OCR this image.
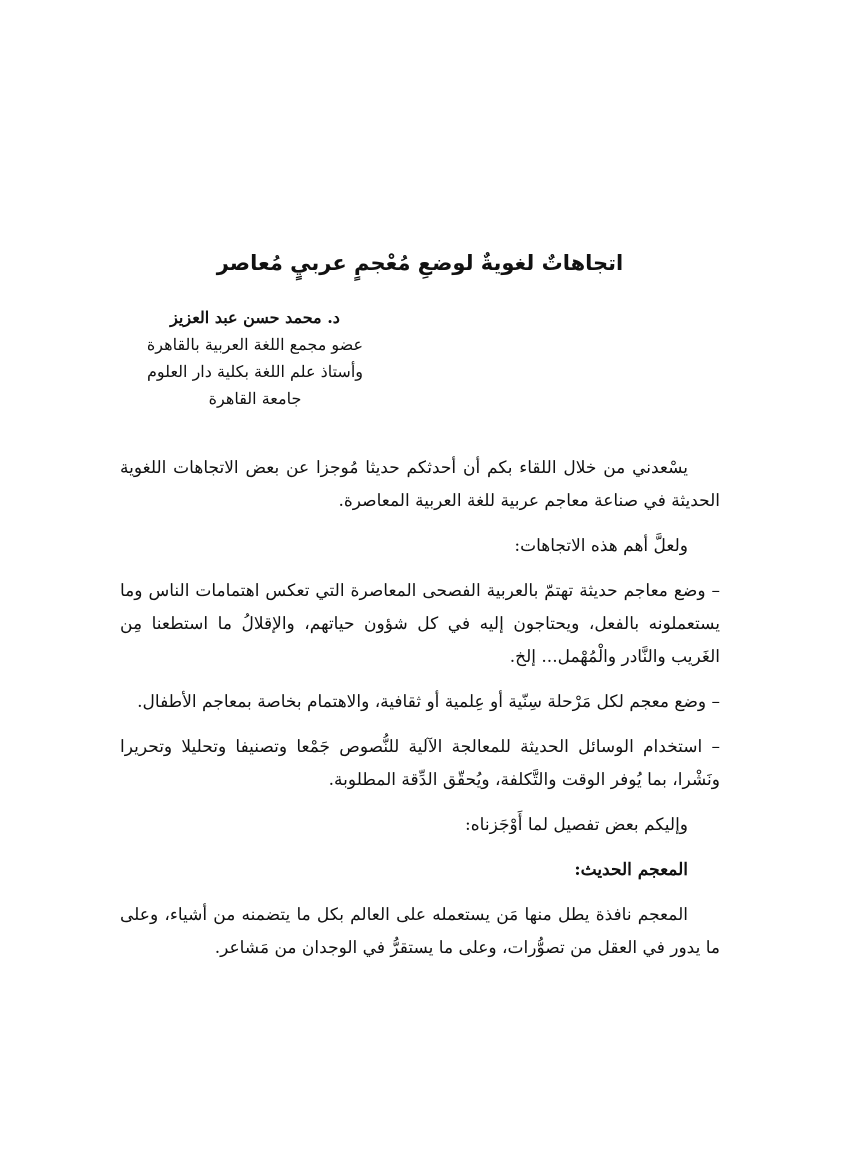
اتجاهاتٌ لغويةٌ لوضعِ مُعْجمٍ عربيٍ مُعاصر
د. محمد حسن عبد العزيز
عضو مجمع اللغة العربية بالقاهرة
وأستاذ علم اللغة بكلية دار العلوم
جامعة القاهرة

يسْعدني من خلال اللقاء بكم أن أحدثكم حديثا مُوجزا عن بعض الاتجاهات اللغوية الحديثة في صناعة معاجم عربية للغة العربية المعاصرة.

ولعلَّ أهم هذه الاتجاهات:

– وضع معاجم حديثة تهتمّ بالعربية الفصحى المعاصرة التي تعكس اهتمامات الناس وما يستعملونه بالفعل، ويحتاجون إليه في كل شؤون حياتهم، والإقلالُ ما استطعنا مِن الغَريب والنَّادر والْمُهْمل... إلخ.

– وضع معجم لكل مَرْحلة سِنّية أو عِلمية أو ثقافية، والاهتمام بخاصة بمعاجم الأطفال.

– استخدام الوسائل الحديثة للمعالجة الآلية للنُّصوص جَمْعا وتصنيفا وتحليلا وتحريرا ونَشْرا، بما يُوفر الوقت والتَّكلفة، ويُحقّق الدِّقة المطلوبة.

وإليكم بعض تفصيل لما أَوْجَزناه:

المعجم الحديث:

المعجم نافذة يطل منها مَن يستعمله على العالم بكل ما يتضمنه من أشياء، وعلى ما يدور في العقل من تصوُّرات، وعلى ما يستقرُّ في الوجدان من مَشاعر.
